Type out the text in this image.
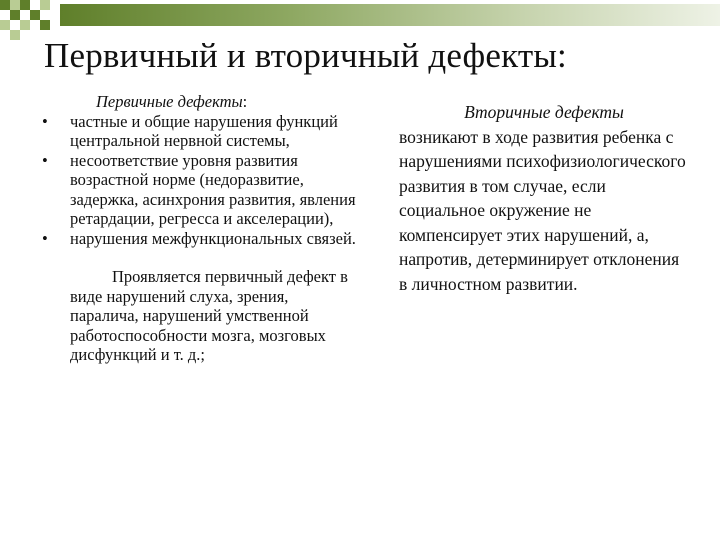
Первичный и вторичный дефекты:
Первичные дефекты:
• частные и общие нарушения функций центральной нервной системы,
• несоответствие уровня развития возрастной норме (недоразвитие, задержка, асинхрония развития, явления ретардации, регресса и акселерации),
• нарушения межфункциональных связей.
Проявляется первичный дефект в виде нарушений слуха, зрения, паралича, нарушений умственной работоспособности мозга, мозговых дисфункций и т. д.;
Вторичные дефекты
возникают в ходе развития ребенка с нарушениями психофизиологического развития в том случае, если социальное окружение не компенсирует этих нарушений, а, напротив, детерминирует отклонения в личностном развитии.
